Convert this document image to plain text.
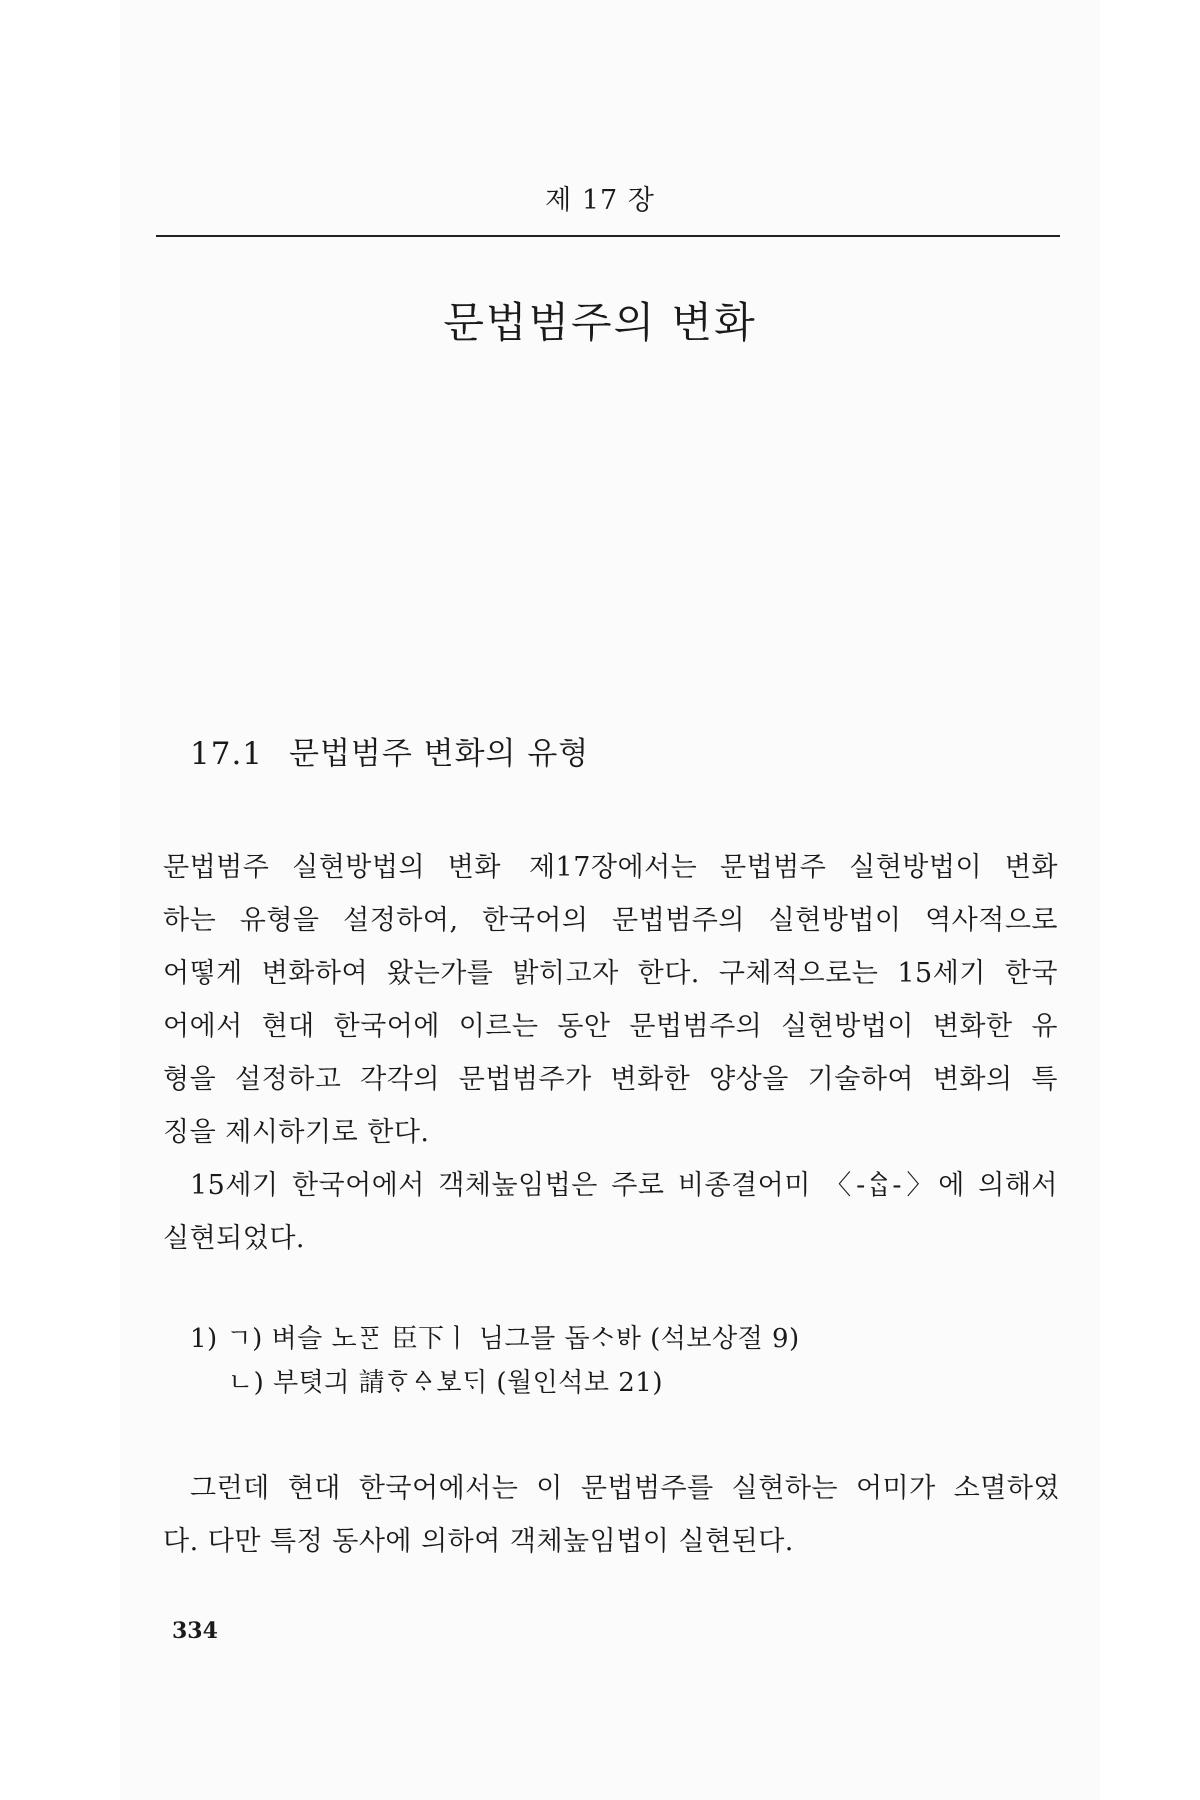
제 17 장
문법범주의 변화
17.1 문법범주 변화의 유형
문법범주 실현방법의 변화 제17장에서는 문법범주 실현방법이 변화
하는 유형을 설정하여, 한국어의 문법범주의 실현방법이 역사적으로
어떻게 변화하여 왔는가를 밝히고자 한다. 구체적으로는 15세기 한국
어에서 현대 한국어에 이르는 동안 문법범주의 실현방법이 변화한 유
형을 설정하고 각각의 문법범주가 변화한 양상을 기술하여 변화의 특
징을 제시하기로 한다.
15세기 한국어에서 객체높임법은 주로 비종결어미 〈-ᅀᆞᆸ-〉에 의해서
실현되었다.
1) ㄱ) 벼슬 노ᄑᆞᆫ 臣下ㅣ 님그믈 돕ᄉᆞᄫᅡ (석보상절 9)
ㄴ) 부텻긔 請ᄒᆞᅀᆞᄫᅩᄃᆡ (월인석보 21)
그런데 현대 한국어에서는 이 문법범주를 실현하는 어미가 소멸하였
다. 다만 특정 동사에 의하여 객체높임법이 실현된다.
334
